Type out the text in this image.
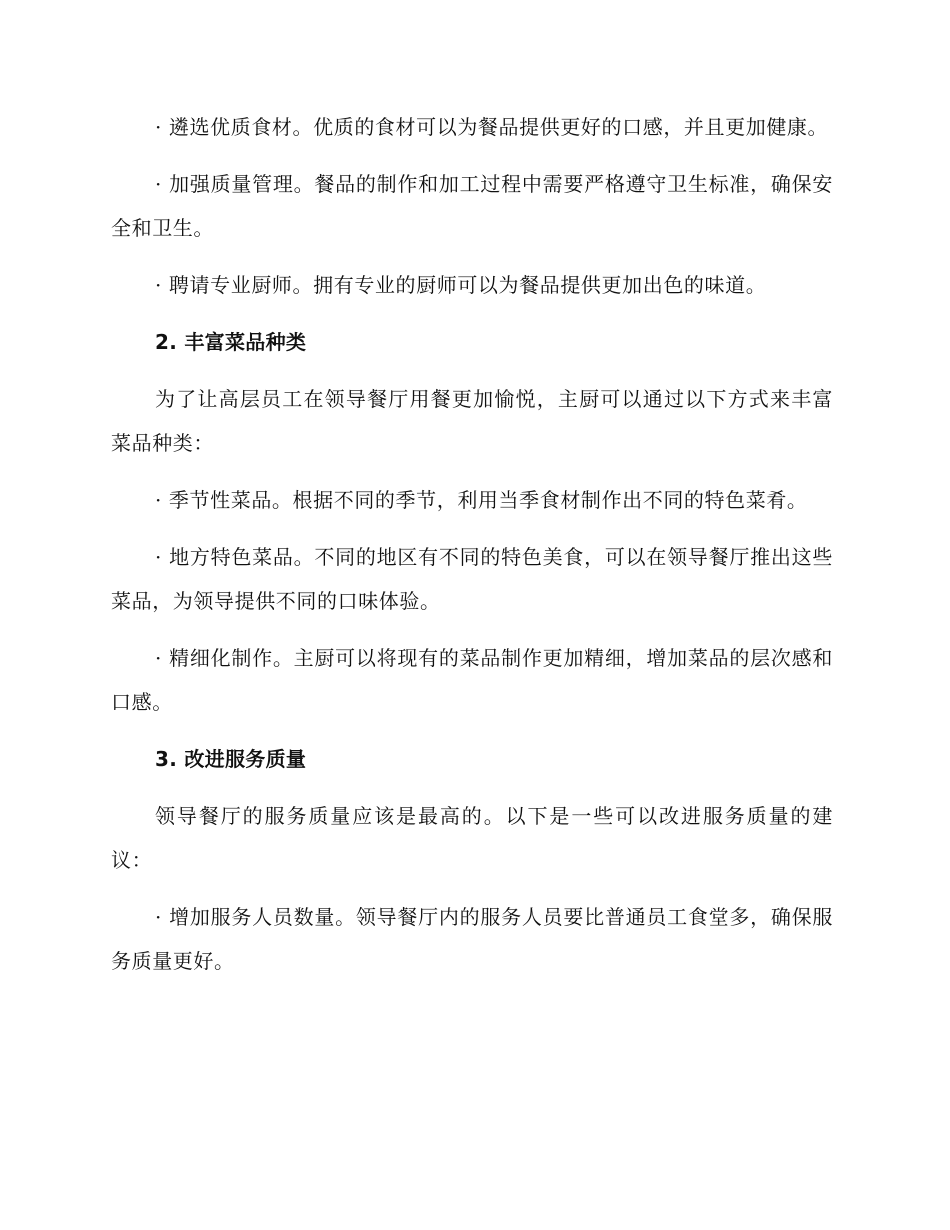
· 遴选优质食材。优质的食材可以为餐品提供更好的口感，并且更加健康。

· 加强质量管理。餐品的制作和加工过程中需要严格遵守卫生标准，确保安全和卫生。

· 聘请专业厨师。拥有专业的厨师可以为餐品提供更加出色的味道。

2. 丰富菜品种类

为了让高层员工在领导餐厅用餐更加愉悦，主厨可以通过以下方式来丰富菜品种类：

· 季节性菜品。根据不同的季节，利用当季食材制作出不同的特色菜肴。

· 地方特色菜品。不同的地区有不同的特色美食，可以在领导餐厅推出这些菜品，为领导提供不同的口味体验。

· 精细化制作。主厨可以将现有的菜品制作更加精细，增加菜品的层次感和口感。

3. 改进服务质量

领导餐厅的服务质量应该是最高的。以下是一些可以改进服务质量的建议：

· 增加服务人员数量。领导餐厅内的服务人员要比普通员工食堂多，确保服务质量更好。
